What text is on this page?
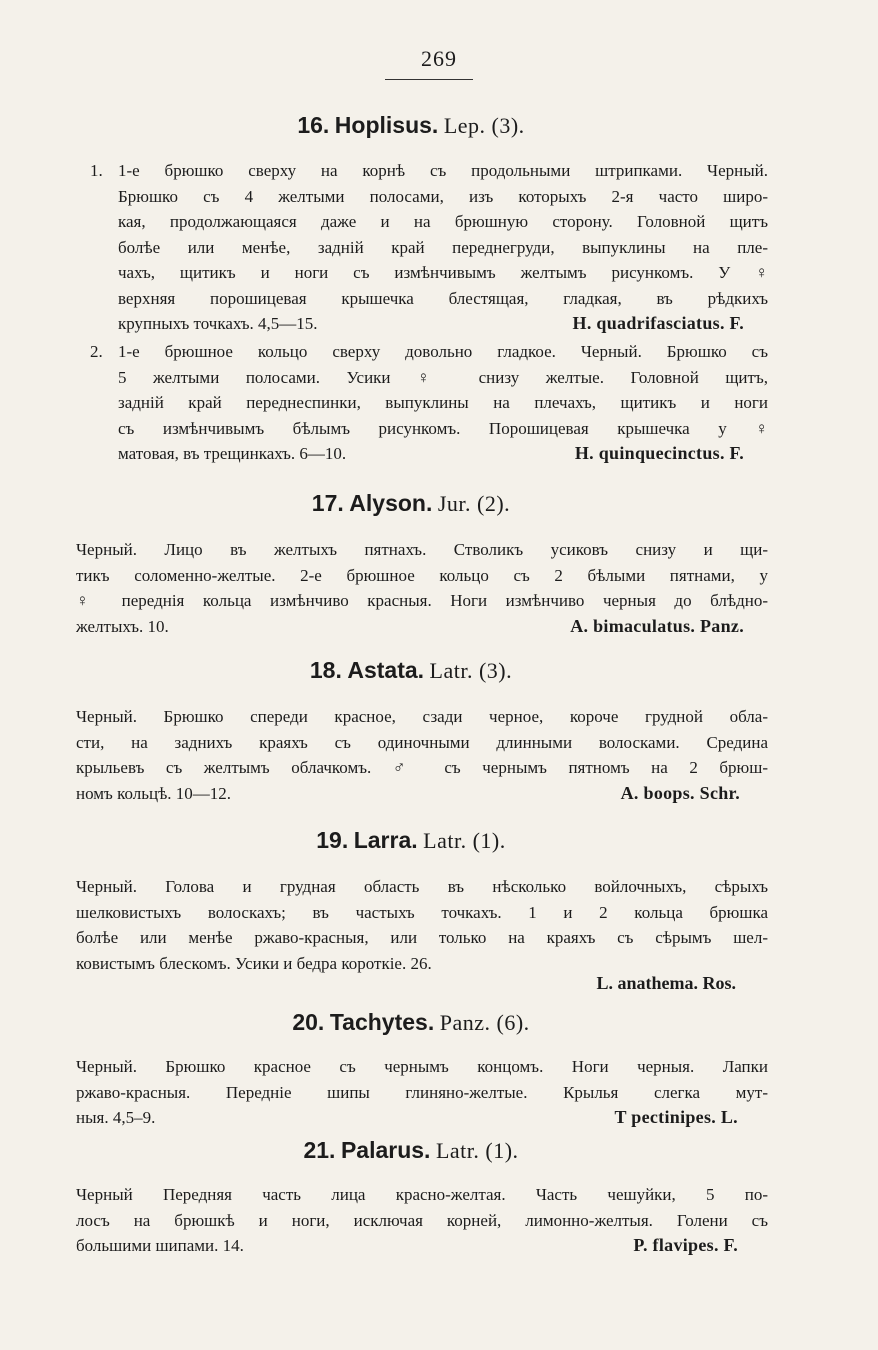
269
16. Hoplisus. Lep. (3).
1. 1-е брюшко сверху на корнѣ съ продольными штрипками. Черный.
Брюшко съ 4 желтыми полосами, изъ которыхъ 2-я часто широ-
кая, продолжающаяся даже и на брюшную сторону. Головной щитъ
болѣе или менѣе, заднiй край переднегруди, выпуклины на пле-
чахъ, щитикъ и ноги съ измѣнчивымъ желтымъ рисункомъ. У ♀
верхняя порошицевая крышечка блестящая, гладкая, въ рѣдкихъ
крупныхъ точкахъ. 4,5—15.	H. quadrifasciatus. F.
2. 1-е брюшное кольцо сверху довольно гладкое. Черный. Брюшко съ
5 желтыми полосами. Усики ♀ снизу желтые. Головной щитъ,
заднiй край переднеспинки, выпуклины на плечахъ, щитикъ и ноги
съ измѣнчивымъ бѣлымъ рисункомъ. Порошицевая крышечка у ♀
матовая, въ трещинкахъ. 6—10.	H. quinquecinctus. F.
17. Alyson. Jur. (2).
Черный. Лицо въ желтыхъ пятнахъ. Стволикъ усиковъ снизу и щи-
тикъ соломенно-желтые. 2-е брюшное кольцо съ 2 бѣлыми пятнами, у
♀ переднiя кольца измѣнчиво красныя. Ноги измѣнчиво черныя до блѣдно-
желтыхъ. 10.	A. bimaculatus. Panz.
18. Astata. Latr. (3).
Черный. Брюшко спереди красное, сзади черное, короче грудной обла-
сти, на заднихъ краяхъ съ одиночными длинными волосками. Средина
крыльевъ съ желтымъ облачкомъ. ♂ съ чернымъ пятномъ на 2 брюш-
номъ кольцѣ. 10—12.	A. boops. Schr.
19. Larra. Latr. (1).
Черный. Голова и грудная область въ нѣсколько войлочныхъ, сѣрыхъ
шелковистыхъ волоскахъ; въ частыхъ точкахъ. 1 и 2 кольца брюшка
болѣе или менѣе ржаво-красныя, или только на краяхъ съ сѣрымъ шел-
ковистымъ блескомъ. Усики и бедра короткiе. 26.
L. anathema. Ros.
20. Tachytes. Panz. (6).
Черный. Брюшко красное съ чернымъ концомъ. Ноги черныя. Лапки
ржаво-красныя. Переднiе шипы глиняно-желтые. Крылья слегка мут-
ныя. 4,5–9.	T pectinipes. L.
21. Palarus. Latr. (1).
Черный Передняя часть лица красно-желтая. Часть чешуйки, 5 по-
лосъ на брюшкѣ и ноги, исключая корней, лимонно-желтыя. Голени съ
большими шипами. 14.	P. flavipes. F.
